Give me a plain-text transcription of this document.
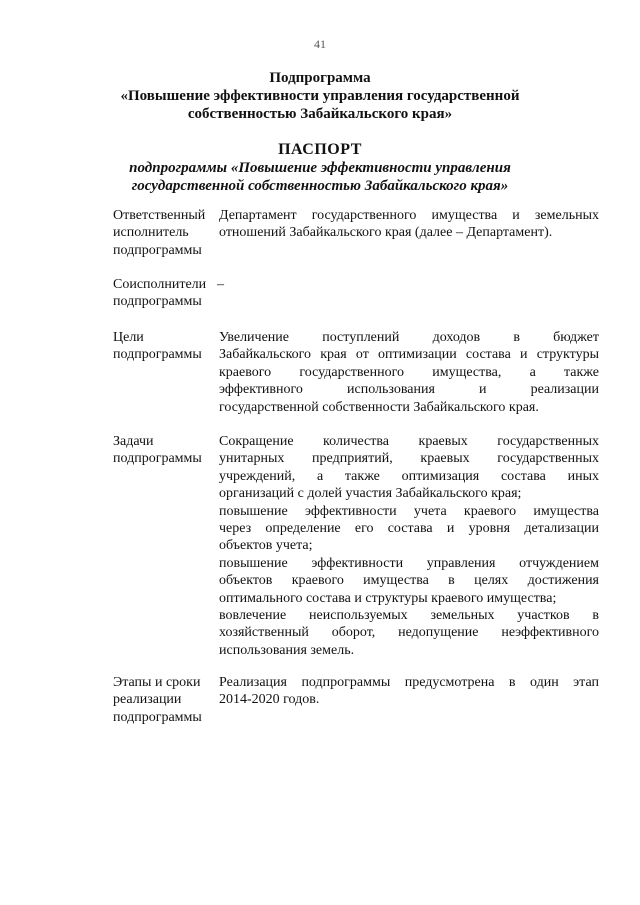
41
Подпрограмма
«Повышение эффективности управления государственной
собственностью Забайкальского края»
ПАСПОРТ
подпрограммы «Повышение эффективности управления
государственной собственностью Забайкальского края»
Ответственный
исполнитель
подпрограммы
Департамент государственного имущества и земельных
отношений Забайкальского края (далее – Департамент).
Соисполнители
подпрограммы
–
Цели
подпрограммы
Увеличение поступлений доходов в бюджет
Забайкальского края от оптимизации состава и структуры
краевого государственного имущества, а также
эффективного использования и реализации
государственной собственности Забайкальского края.
Задачи
подпрограммы
Сокращение количества краевых государственных
унитарных предприятий, краевых государственных
учреждений, а также оптимизация состава иных
организаций с долей участия Забайкальского края;
повышение эффективности учета краевого имущества
через определение его состава и уровня детализации
объектов учета;
повышение эффективности управления отчуждением
объектов краевого имущества в целях достижения
оптимального состава и структуры краевого имущества;
вовлечение неиспользуемых земельных участков в
хозяйственный оборот, недопущение неэффективного
использования земель.
Этапы и сроки
реализации
подпрограммы
Реализация подпрограммы предусмотрена в один этап
2014-2020 годов.
